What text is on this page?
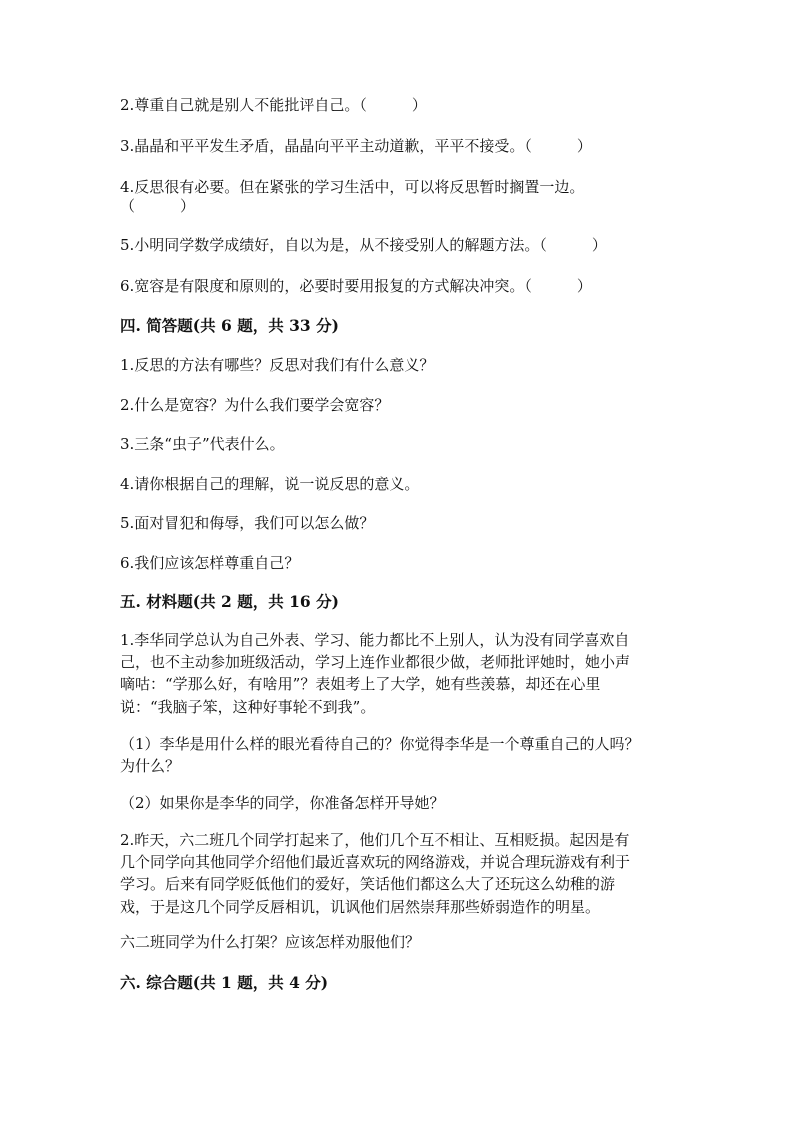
2.尊重自己就是别人不能批评自己。（　　　）
3.晶晶和平平发生矛盾，晶晶向平平主动道歉，平平不接受。（　　　）
4.反思很有必要。但在紧张的学习生活中，可以将反思暂时搁置一边。
（　　　）
5.小明同学数学成绩好，自以为是，从不接受别人的解题方法。（　　　）
6.宽容是有限度和原则的，必要时要用报复的方式解决冲突。（　　　）
四. 简答题(共 6 题，共 33 分)
1.反思的方法有哪些？反思对我们有什么意义？
2.什么是宽容？为什么我们要学会宽容？
3.三条“虫子”代表什么。
4.请你根据自己的理解，说一说反思的意义。
5.面对冒犯和侮辱，我们可以怎么做？
6.我们应该怎样尊重自己？
五. 材料题(共 2 题，共 16 分)
1.李华同学总认为自己外表、学习、能力都比不上别人，认为没有同学喜欢自
己，也不主动参加班级活动，学习上连作业都很少做，老师批评她时，她小声
嘀咕：“学那么好，有啥用”？表姐考上了大学，她有些羡慕，却还在心里
说：“我脑子笨，这种好事轮不到我”。
（1）李华是用什么样的眼光看待自己的？你觉得李华是一个尊重自己的人吗？
为什么？
（2）如果你是李华的同学，你准备怎样开导她？
2.昨天，六二班几个同学打起来了，他们几个互不相让、互相贬损。起因是有
几个同学向其他同学介绍他们最近喜欢玩的网络游戏，并说合理玩游戏有利于
学习。后来有同学贬低他们的爱好，笑话他们都这么大了还玩这么幼稚的游
戏，于是这几个同学反唇相讥，讥讽他们居然崇拜那些娇弱造作的明星。
六二班同学为什么打架？应该怎样劝服他们？
六. 综合题(共 1 题，共 4 分)
